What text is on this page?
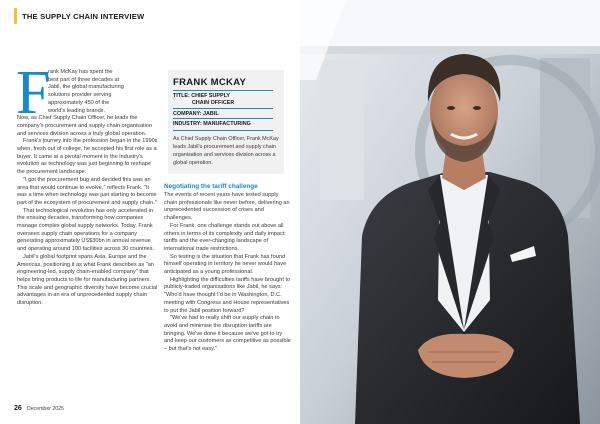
THE SUPPLY CHAIN INTERVIEW
F

rank McKay has spent the

best part of three decades at

Jabil, the global manufacturing

solutions provider serving

approximately 450 of the

world's leading brands.

Now, as Chief Supply Chain Officer, he leads the company's procurement and supply chain organisation and services division across a truly global operation.

Frank's journey into the profession began in the 1990s when, fresh out of college, he accepted his first role as a buyer. It came at a pivotal moment in the industry's evolution as technology was just beginning to reshape the procurement landscape.

"I got the procurement bug and decided this was an area that would continue to evolve," reflects Frank. "It was a time when technology was just starting to become part of the ecosystem of procurement and supply chain."

That technological revolution has only accelerated in the ensuing decades, transforming how companies manage complex global supply networks. Today, Frank oversees supply chain operations for a company generating approximately US$30bn in annual revenue and operating around 100 facilities across 30 countries.

Jabil's global footprint spans Asia, Europe and the Americas, positioning it as what Frank describes as "an engineering-led, supply chain-enabled company" that helps bring products to life for manufacturing partners. This scale and geographic diversity have become crucial advantages in an era of unprecedented supply chain disruption.

FRANK MCKAY
TITLE: CHIEF SUPPLY
CHAIN OFFICER
COMPANY: JABIL
INDUSTRY: MANUFACTURING
As Chief Supply Chain Officer, Frank McKay leads Jabil's procurement and supply chain organisation and services division across a global operation.
Negotiating the tariff challenge

The events of recent years have tested supply chain professionals like never before, delivering an unprecedented succession of crises and challenges.

For Frank, one challenge stands out above all others in terms of its complexity and daily impact: tariffs and the ever-changing landscape of international trade restrictions.

So testing is the situation that Frank has found himself operating in territory he never would have anticipated as a young professional.

Highlighting the difficulties tariffs have brought to publicly-traded organisations like Jabil, he says: "Who'd have thought I'd be in Washington, D.C. meeting with Congress and House representatives to put the Jabil position forward?

"We've had to really shift our supply chain to avoid and minimise the disruption tariffs are bringing. We've done it because we've got to try and keep our customers as competitive as possible – but that's not easy."

26 December 2025
